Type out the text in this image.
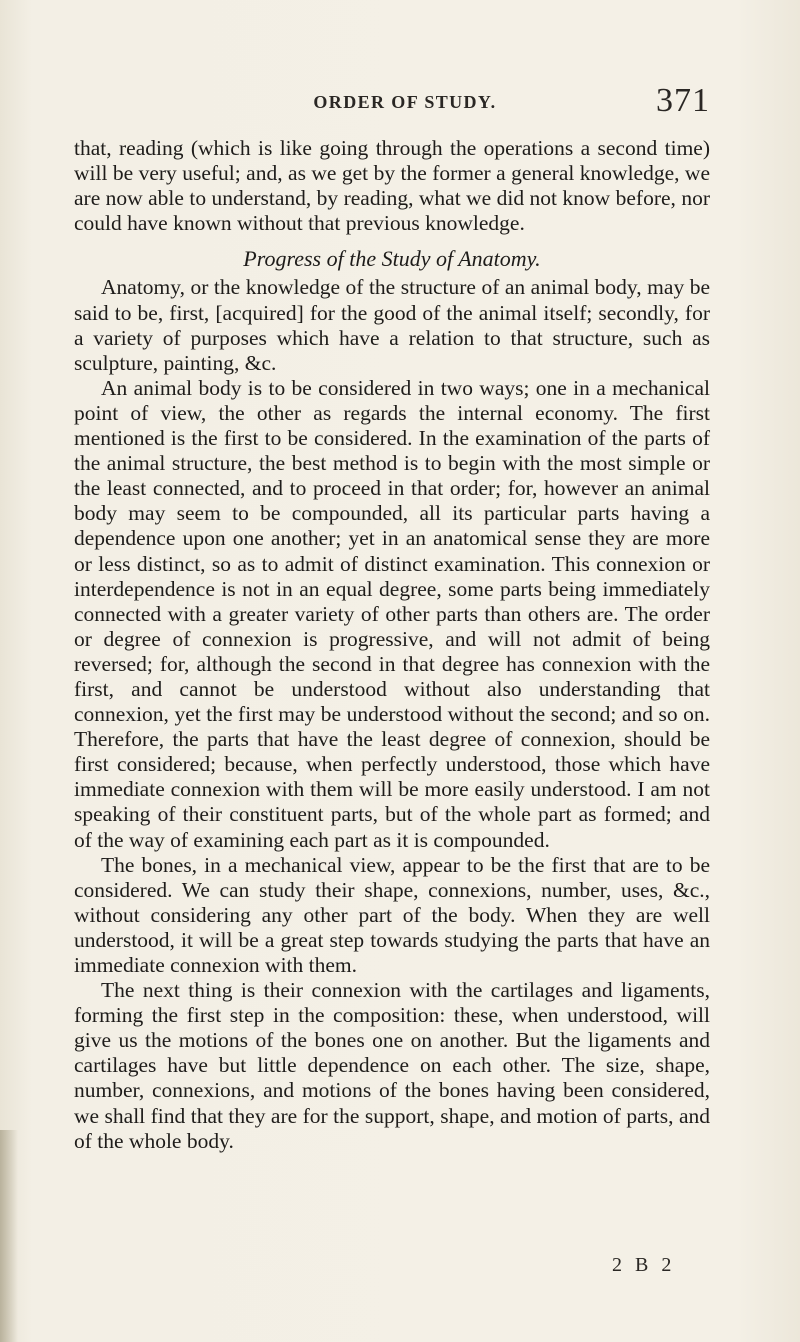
ORDER OF STUDY.	371

that, reading (which is like going through the operations a second time) will be very useful; and, as we get by the former a general knowledge, we are now able to understand, by reading, what we did not know before, nor could have known without that previous knowledge.

Progress of the Study of Anatomy.

Anatomy, or the knowledge of the structure of an animal body, may be said to be, first, [acquired] for the good of the animal itself; secondly, for a variety of purposes which have a relation to that structure, such as sculpture, painting, &c.

An animal body is to be considered in two ways; one in a mechanical point of view, the other as regards the internal economy. The first mentioned is the first to be considered. In the examination of the parts of the animal structure, the best method is to begin with the most simple or the least connected, and to proceed in that order; for, however an animal body may seem to be compounded, all its particular parts having a dependence upon one another; yet in an anatomical sense they are more or less distinct, so as to admit of distinct examination. This connexion or interdependence is not in an equal degree, some parts being immediately connected with a greater variety of other parts than others are. The order or degree of connexion is progressive, and will not admit of being reversed; for, although the second in that degree has connexion with the first, and cannot be understood without also understanding that connexion, yet the first may be understood without the second; and so on. Therefore, the parts that have the least degree of connexion, should be first considered; because, when perfectly understood, those which have immediate connexion with them will be more easily understood. I am not speaking of their constituent parts, but of the whole part as formed; and of the way of examining each part as it is compounded.

The bones, in a mechanical view, appear to be the first that are to be considered. We can study their shape, connexions, number, uses, &c., without considering any other part of the body. When they are well understood, it will be a great step towards studying the parts that have an immediate connexion with them.

The next thing is their connexion with the cartilages and ligaments, forming the first step in the composition: these, when understood, will give us the motions of the bones one on another. But the ligaments and cartilages have but little dependence on each other. The size, shape, number, connexions, and motions of the bones having been considered, we shall find that they are for the support, shape, and motion of parts, and of the whole body.

2 B 2
